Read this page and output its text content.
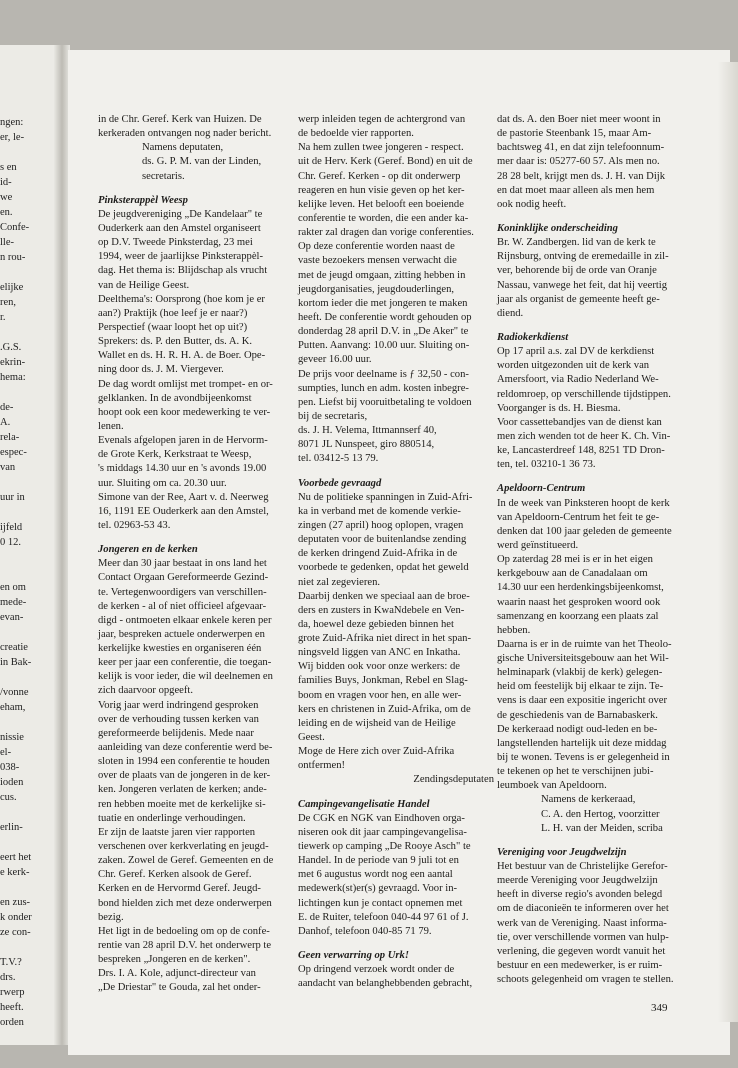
ngen:
er, le-
s en
id-
we
en.
Confe-
lle-
n rou-
elijke
ren,
r.
.G.S.
ekrin-
hema:
de-
A.
rela-
espec-
van
uur in
ijfeld
0 12.
en om
mede-
evan-
creatie
in Bak-
/vonne
eham,
nissie
el-
038-
ioden
cus.
erlin-
eert het
e kerk-
en zus-
k onder
ze con-
T.V.?
drs.
rwerp
heeft.
orden
in de Chr. Geref. Kerk van Huizen. De
kerkeraden ontvangen nog nader bericht.
Namens deputaten,
ds. G. P. M. van der Linden,
secretaris.
Pinksterappèl Weesp
De jeugdvereniging „De Kandelaar" te
Ouderkerk aan den Amstel organiseert
op D.V. Tweede Pinksterdag, 23 mei
1994, weer de jaarlijkse Pinksterappèl-
dag. Het thema is: Blijdschap als vrucht
van de Heilige Geest.
Deelthema's: Oorsprong (hoe kom je er
aan?) Praktijk (hoe leef je er naar?)
Perspectief (waar loopt het op uit?)
Sprekers: ds. P. den Butter, ds. A. K.
Wallet en ds. H. R. H. A. de Boer. Ope-
ning door ds. J. M. Viergever.
De dag wordt omlijst met trompet- en or-
gelklanken. In de avondbijeenkomst
hoopt ook een koor medewerking te ver-
lenen.
Evenals afgelopen jaren in de Hervorm-
de Grote Kerk, Kerkstraat te Weesp,
's middags 14.30 uur en 's avonds 19.00
uur. Sluiting om ca. 20.30 uur.
Simone van der Ree, Aart v. d. Neerweg
16, 1191 EE Ouderkerk aan den Amstel,
tel. 02963-53 43.
Jongeren en de kerken
Meer dan 30 jaar bestaat in ons land het
Contact Orgaan Gereformeerde Gezind-
te. Vertegenwoordigers van verschillen-
de kerken - al of niet officieel afgevaar-
digd - ontmoeten elkaar enkele keren per
jaar, bespreken actuele onderwerpen en
kerkelijke kwesties en organiseren één
keer per jaar een conferentie, die toegan-
kelijk is voor ieder, die wil deelnemen en
zich daarvoor opgeeft.
Vorig jaar werd indringend gesproken
over de verhouding tussen kerken van
gereformeerde belijdenis. Mede naar
aanleiding van deze conferentie werd be-
sloten in 1994 een conferentie te houden
over de plaats van de jongeren in de ker-
ken. Jongeren verlaten de kerken; ande-
ren hebben moeite met de kerkelijke si-
tuatie en onderlinge verhoudingen.
Er zijn de laatste jaren vier rapporten
verschenen over kerkverlating en jeugd-
zaken. Zowel de Geref. Gemeenten en de
Chr. Geref. Kerken alsook de Geref.
Kerken en de Hervormd Geref. Jeugd-
bond hielden zich met deze onderwerpen
bezig.
Het ligt in de bedoeling om op de confe-
rentie van 28 april D.V. het onderwerp te
bespreken „Jongeren en de kerken".
Drs. I. A. Kole, adjunct-directeur van
„De Driestar" te Gouda, zal het onder-
werp inleiden tegen de achtergrond van
de bedoelde vier rapporten.
Na hem zullen twee jongeren - respect.
uit de Herv. Kerk (Geref. Bond) en uit de
Chr. Geref. Kerken - op dit onderwerp
reageren en hun visie geven op het ker-
kelijke leven. Het belooft een boeiende
conferentie te worden, die een ander ka-
rakter zal dragen dan vorige conferenties.
Op deze conferentie worden naast de
vaste bezoekers mensen verwacht die
met de jeugd omgaan, zitting hebben in
jeugdorganisaties, jeugdouderlingen,
kortom ieder die met jongeren te maken
heeft. De conferentie wordt gehouden op
donderdag 28 april D.V. in „De Aker" te
Putten. Aanvang: 10.00 uur. Sluiting on-
geveer 16.00 uur.
De prijs voor deelname is ƒ 32,50 - con-
sumpties, lunch en adm. kosten inbegre-
pen. Liefst bij vooruitbetaling te voldoen
bij de secretaris,
ds. J. H. Velema, Ittmannserf 40,
8071 JL Nunspeet, giro 880514,
tel. 03412-5 13 79.
Voorbede gevraagd
Nu de politieke spanningen in Zuid-Afri-
ka in verband met de komende verkie-
zingen (27 april) hoog oplopen, vragen
deputaten voor de buitenlandse zending
de kerken dringend Zuid-Afrika in de
voorbede te gedenken, opdat het geweld
niet zal zegevieren.
Daarbij denken we speciaal aan de broe-
ders en zusters in KwaNdebele en Ven-
da, hoewel deze gebieden binnen het
grote Zuid-Afrika niet direct in het span-
ningsveld liggen van ANC en Inkatha.
Wij bidden ook voor onze werkers: de
families Buys, Jonkman, Rebel en Slag-
boom en vragen voor hen, en alle wer-
kers en christenen in Zuid-Afrika, om de
leiding en de wijsheid van de Heilige
Geest.
Moge de Here zich over Zuid-Afrika
ontfermen!
Zendingsdeputaten
Campingevangelisatie Handel
De CGK en NGK van Eindhoven orga-
niseren ook dit jaar campingevangelisa-
tiewerk op camping „De Rooye Asch" te
Handel. In de periode van 9 juli tot en
met 6 augustus wordt nog een aantal
medewerk(st)er(s) gevraagd. Voor in-
lichtingen kun je contact opnemen met
E. de Ruiter, telefoon 040-44 97 61 of J.
Danhof, telefoon 040-85 71 79.
Geen verwarring op Urk!
Op dringend verzoek wordt onder de
aandacht van belanghebbenden gebracht,
dat ds. A. den Boer niet meer woont in
de pastorie Steenbank 15, maar Am-
bachtsweg 41, en dat zijn telefoonnum-
mer daar is: 05277-60 57. Als men no.
28 28 belt, krijgt men ds. J. H. van Dijk
en dat moet maar alleen als men hem
ook nodig heeft.
Koninklijke onderscheiding
Br. W. Zandbergen. lid van de kerk te
Rijnsburg, ontving de eremedaille in zil-
ver, behorende bij de orde van Oranje
Nassau, vanwege het feit, dat hij veertig
jaar als organist de gemeente heeft ge-
diend.
Radiokerkdienst
Op 17 april a.s. zal DV de kerkdienst
worden uitgezonden uit de kerk van
Amersfoort, via Radio Nederland We-
reldomroep, op verschillende tijdstippen.
Voorganger is ds. H. Biesma.
Voor cassettebandjes van de dienst kan
men zich wenden tot de heer K. Ch. Vin-
ke, Lancasterdreef 148, 8251 TD Dron-
ten, tel. 03210-1 36 73.
Apeldoorn-Centrum
In de week van Pinksteren hoopt de kerk
van Apeldoorn-Centrum het feit te ge-
denken dat 100 jaar geleden de gemeente
werd geïnstitueerd.
Op zaterdag 28 mei is er in het eigen
kerkgebouw aan de Canadalaan om
14.30 uur een herdenkingsbijeenkomst,
waarin naast het gesproken woord ook
samenzang en koorzang een plaats zal
hebben.
Daarna is er in de ruimte van het Theolo-
gische Universiteitsgebouw aan het Wil-
helminapark (vlakbij de kerk) gelegen-
heid om feestelijk bij elkaar te zijn. Te-
vens is daar een expositie ingericht over
de geschiedenis van de Barnabaskerk.
De kerkeraad nodigt oud-leden en be-
langstellenden hartelijk uit deze middag
bij te wonen. Tevens is er gelegenheid in
te tekenen op het te verschijnen jubi-
leumboek van Apeldoorn.
Namens de kerkeraad,
C. A. den Hertog, voorzitter
L. H. van der Meiden, scriba
Vereniging voor Jeugdwelzijn
Het bestuur van de Christelijke Gerefor-
meerde Vereniging voor Jeugdwelzijn
heeft in diverse regio's avonden belegd
om de diaconieën te informeren over het
werk van de Vereniging. Naast informa-
tie, over verschillende vormen van hulp-
verlening, die gegeven wordt vanuit het
bestuur en een medewerker, is er ruim-
schoots gelegenheid om vragen te stellen.
349
